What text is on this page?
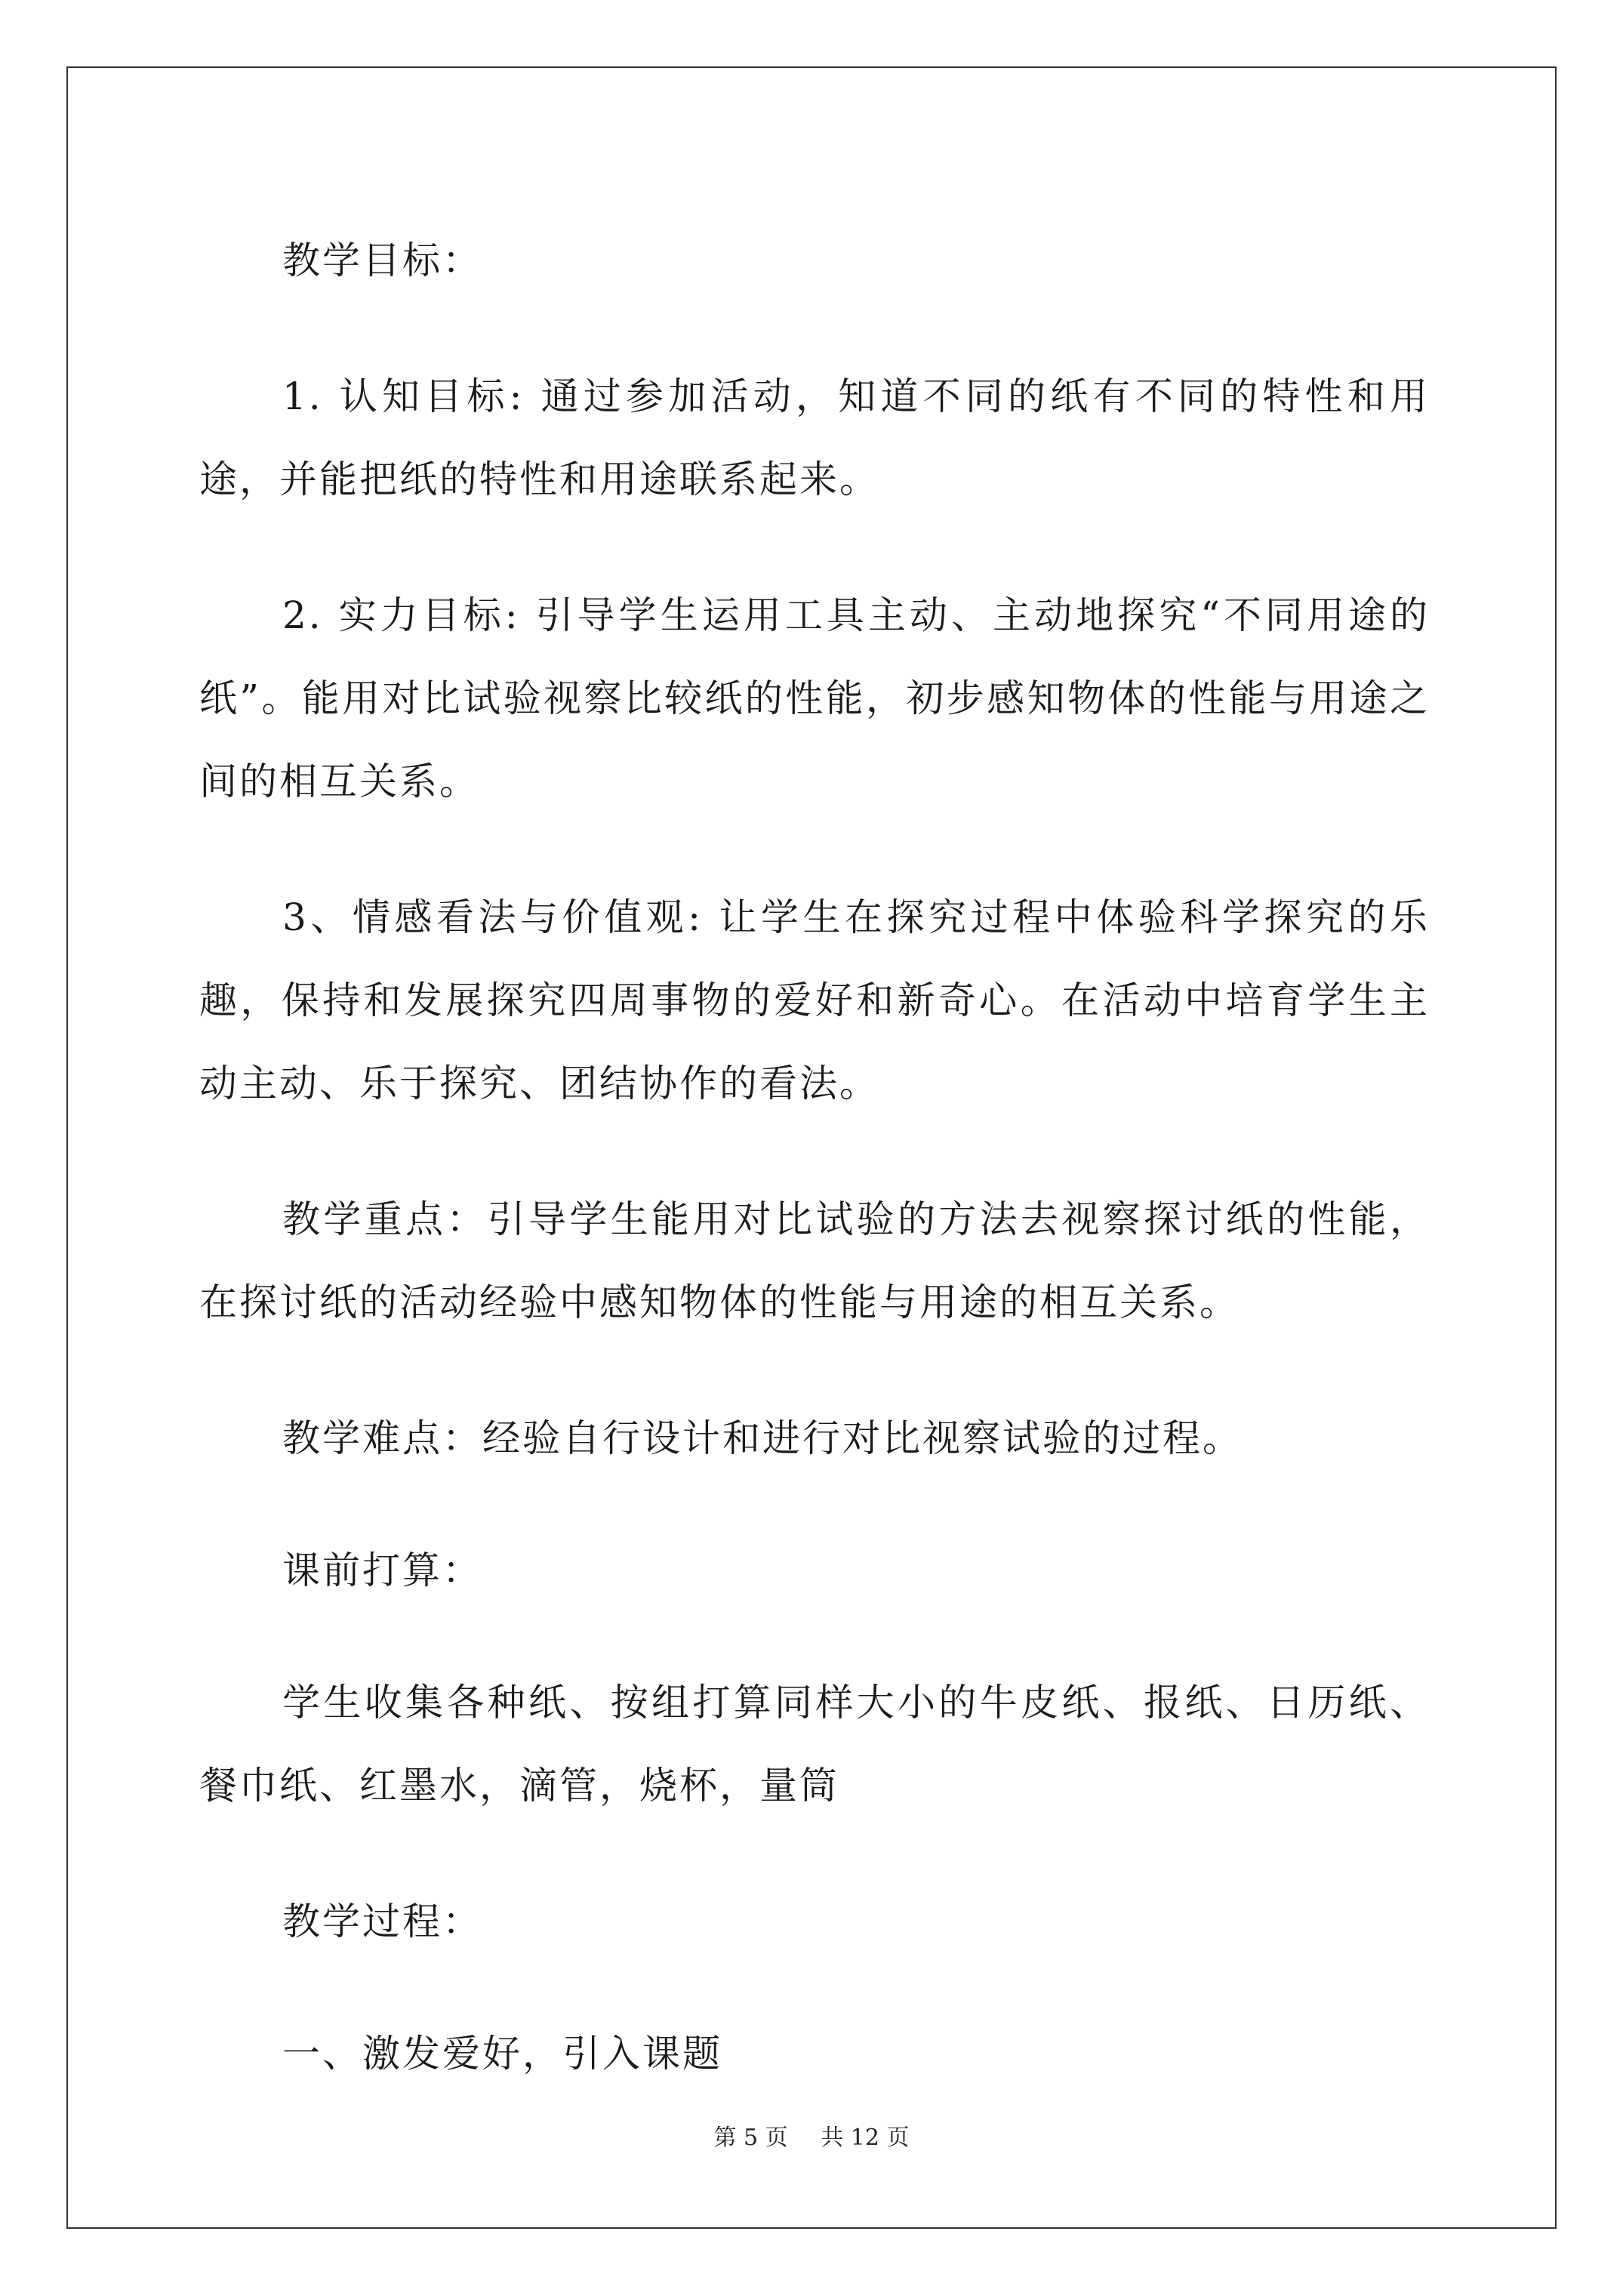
教学目标：

1. 认知目标: 通过参加活动，知道不同的纸有不同的特性和用途，并能把纸的特性和用途联系起来。

2. 实力目标: 引导学生运用工具主动、主动地探究“不同用途的纸”。能用对比试验视察比较纸的性能，初步感知物体的性能与用途之间的相互关系。

3、情感看法与价值观: 让学生在探究过程中体验科学探究的乐趣，保持和发展探究四周事物的爱好和新奇心。在活动中培育学生主动主动、乐于探究、团结协作的看法。

教学重点：引导学生能用对比试验的方法去视察探讨纸的性能，在探讨纸的活动经验中感知物体的性能与用途的相互关系。

教学难点：经验自行设计和进行对比视察试验的过程。

课前打算：

学生收集各种纸、按组打算同样大小的牛皮纸、报纸、日历纸、餐巾纸、红墨水，滴管，烧杯，量筒

教学过程：

一、激发爱好，引入课题

第 5 页 共 12 页
